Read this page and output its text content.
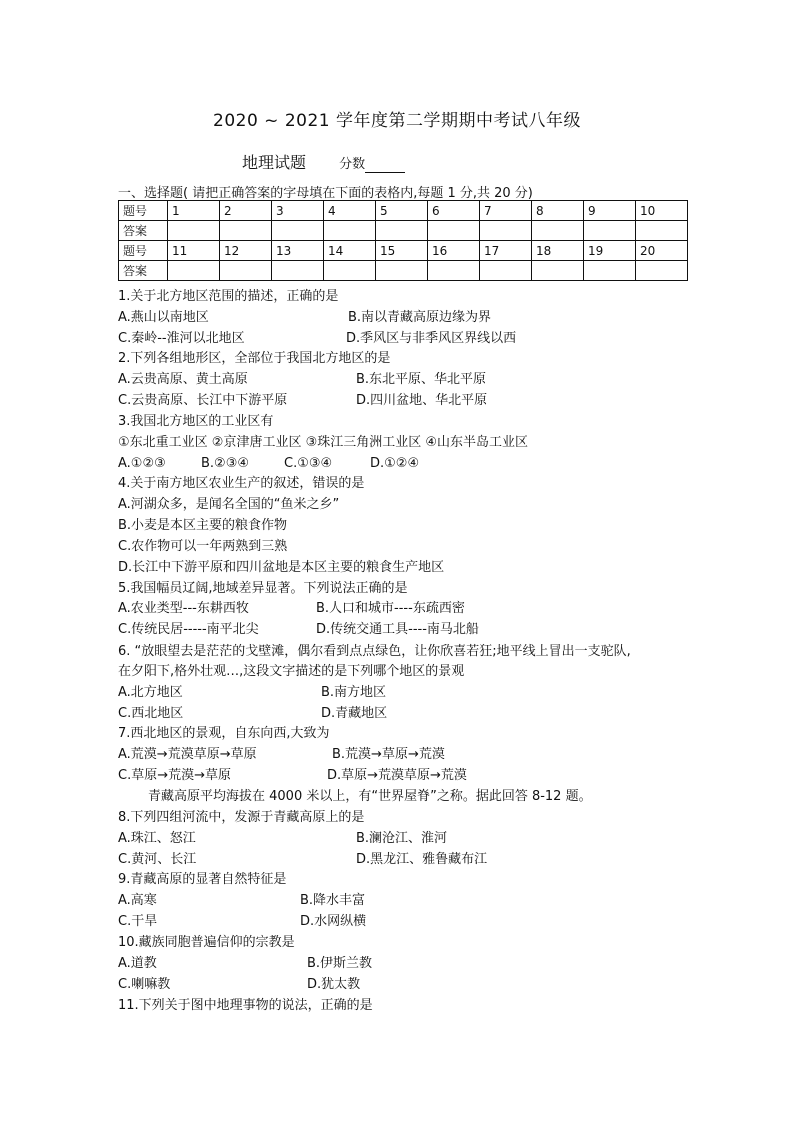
2020 ~ 2021 学年度第二学期期中考试八年级
地理试题	分数
一、选择题( 请把正确答案的字母填在下面的表格内,每题 1 分,共 20 分)
题号	1	2	3	4	5	6	7	8	9	10
答案										
题号	11	12	13	14	15	16	17	18	19	20
答案										
1.关于北方地区范围的描述，正确的是
A.燕山以南地区	B.南以青藏高原边缘为界
C.秦岭--淮河以北地区	D.季风区与非季风区界线以西
2.下列各组地形区，全部位于我国北方地区的是
A.云贵高原、黄土高原	B.东北平原、华北平原
C.云贵高原、长江中下游平原	D.四川盆地、华北平原
3.我国北方地区的工业区有
①东北重工业区 ②京津唐工业区 ③珠江三角洲工业区 ④山东半岛工业区
A.①②③	B.②③④	C.①③④	D.①②④
4.关于南方地区农业生产的叙述，错误的是
A.河湖众多，是闻名全国的“鱼米之乡”
B.小麦是本区主要的粮食作物
C.农作物可以一年两熟到三熟
D.长江中下游平原和四川盆地是本区主要的粮食生产地区
5.我国幅员辽阔,地域差异显著。下列说法正确的是
A.农业类型---东耕西牧	B.人口和城市----东疏西密
C.传统民居-----南平北尖	D.传统交通工具----南马北船
6. “放眼望去是茫茫的戈壁滩，偶尔看到点点绿色，让你欣喜若狂;地平线上冒出一支驼队,
在夕阳下,格外壮观…,这段文字描述的是下列哪个地区的景观
A.北方地区	B.南方地区
C.西北地区	D.青藏地区
7.西北地区的景观，自东向西,大致为
A.荒漠→荒漠草原→草原	B.荒漠→草原→荒漠
C.草原→荒漠→草原	D.草原→荒漠草原→荒漠
青藏高原平均海拔在 4000 米以上，有“世界屋脊”之称。据此回答 8-12 题。
8.下列四组河流中，发源于青藏高原上的是
A.珠江、怒江	B.澜沧江、淮河
C.黄河、长江	D.黑龙江、雅鲁藏布江
9.青藏高原的显著自然特征是
A.高寒	B.降水丰富
C.干旱	D.水网纵横
10.藏族同胞普遍信仰的宗教是
A.道教	B.伊斯兰教
C.喇嘛教	D.犹太教
11.下列关于图中地理事物的说法，正确的是
